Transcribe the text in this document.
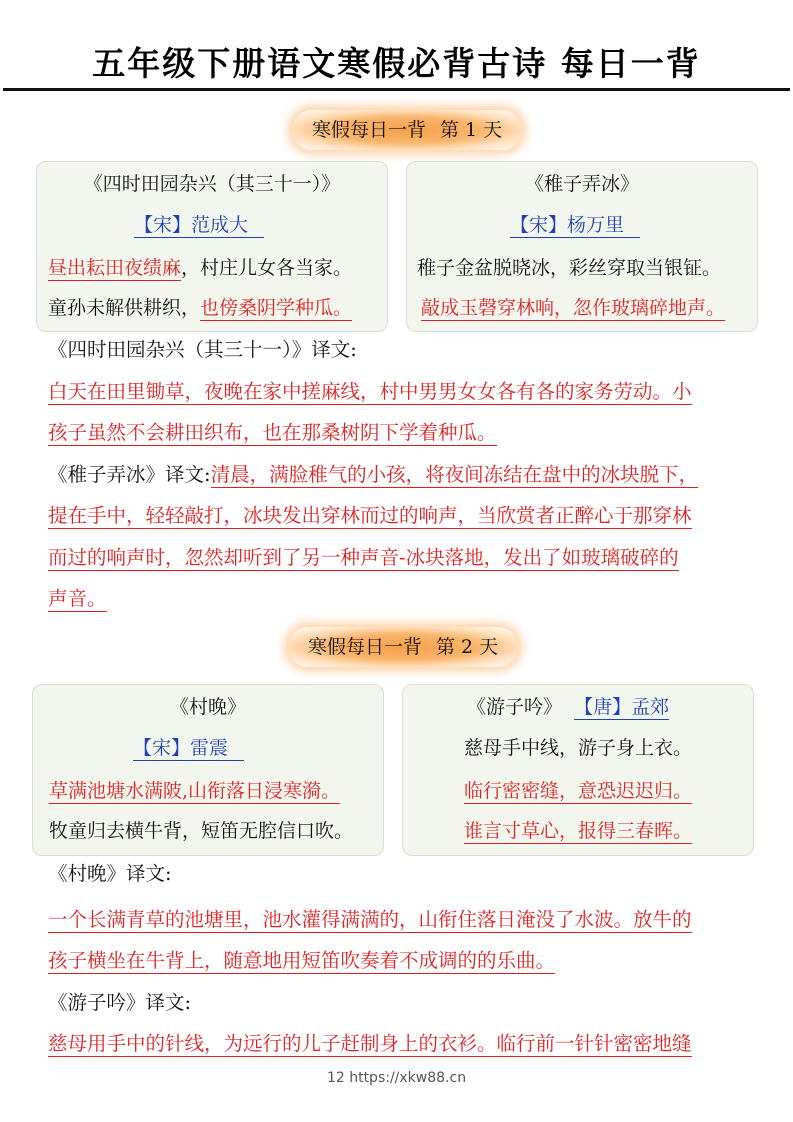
五年级下册语文寒假必背古诗 每日一背
寒假每日一背 第 1 天
《四时田园杂兴（其三十一）》
【宋】范成大
昼出耘田夜绩麻，村庄儿女各当家。
童孙未解供耕织，也傍桑阴学种瓜。
《稚子弄冰》
【宋】杨万里
稚子金盆脱晓冰，彩丝穿取当银钲。
敲成玉磬穿林响，忽作玻璃碎地声。
《四时田园杂兴（其三十一）》译文:
白天在田里锄草，夜晚在家中搓麻线，村中男男女女各有各的家务劳动。小
孩子虽然不会耕田织布，也在那桑树阴下学着种瓜。
《稚子弄冰》译文:清晨，满脸稚气的小孩，将夜间冻结在盘中的冰块脱下，
提在手中，轻轻敲打，冰块发出穿林而过的响声，当欣赏者正醉心于那穿林
而过的响声时，忽然却听到了另一种声音-冰块落地，发出了如玻璃破碎的
声音。
寒假每日一背 第 2 天
《村晚》
【宋】雷震
草满池塘水满陂,山衔落日浸寒漪。
牧童归去横牛背，短笛无腔信口吹。
《游子吟》 【唐】孟郊
慈母手中线，游子身上衣。
临行密密缝，意恐迟迟归。
谁言寸草心，报得三春晖。
《村晚》译文:
一个长满青草的池塘里，池水灌得满满的，山衔住落日淹没了水波。放牛的
孩子横坐在牛背上，随意地用短笛吹奏着不成调的的乐曲。
《游子吟》译文:
慈母用手中的针线，为远行的儿子赶制身上的衣衫。临行前一针针密密地缝
12 https://xkw88.cn
